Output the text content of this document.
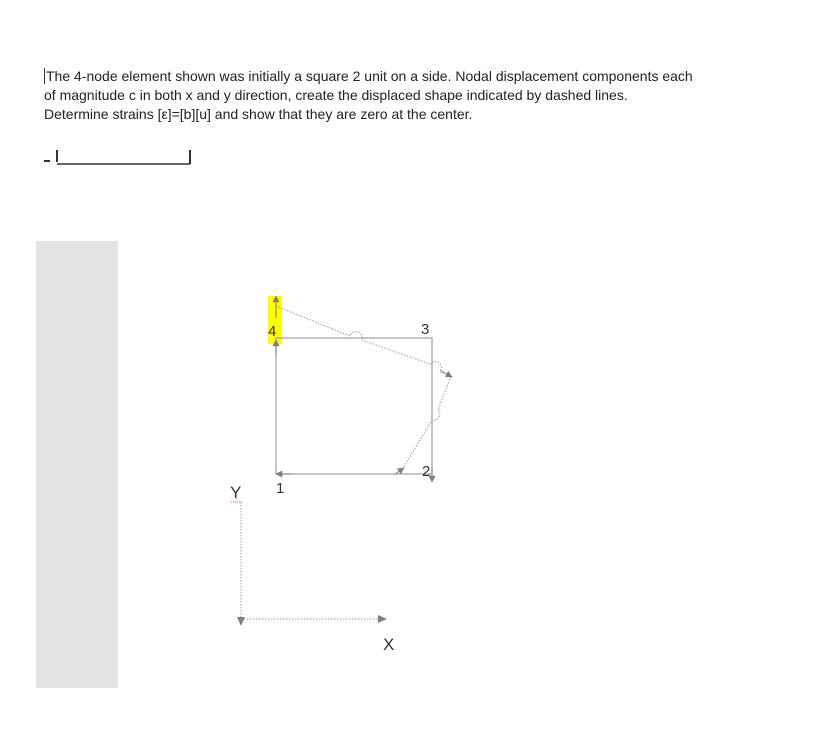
The 4-node element shown was initially a square 2 unit on a side. Nodal displacement components each

of magnitude c in both x and y direction, create the displaced shape indicated by dashed lines.

Determine strains [ε]=[b][u] and show that they are zero at the center.

4	3
2
1
Y
X
